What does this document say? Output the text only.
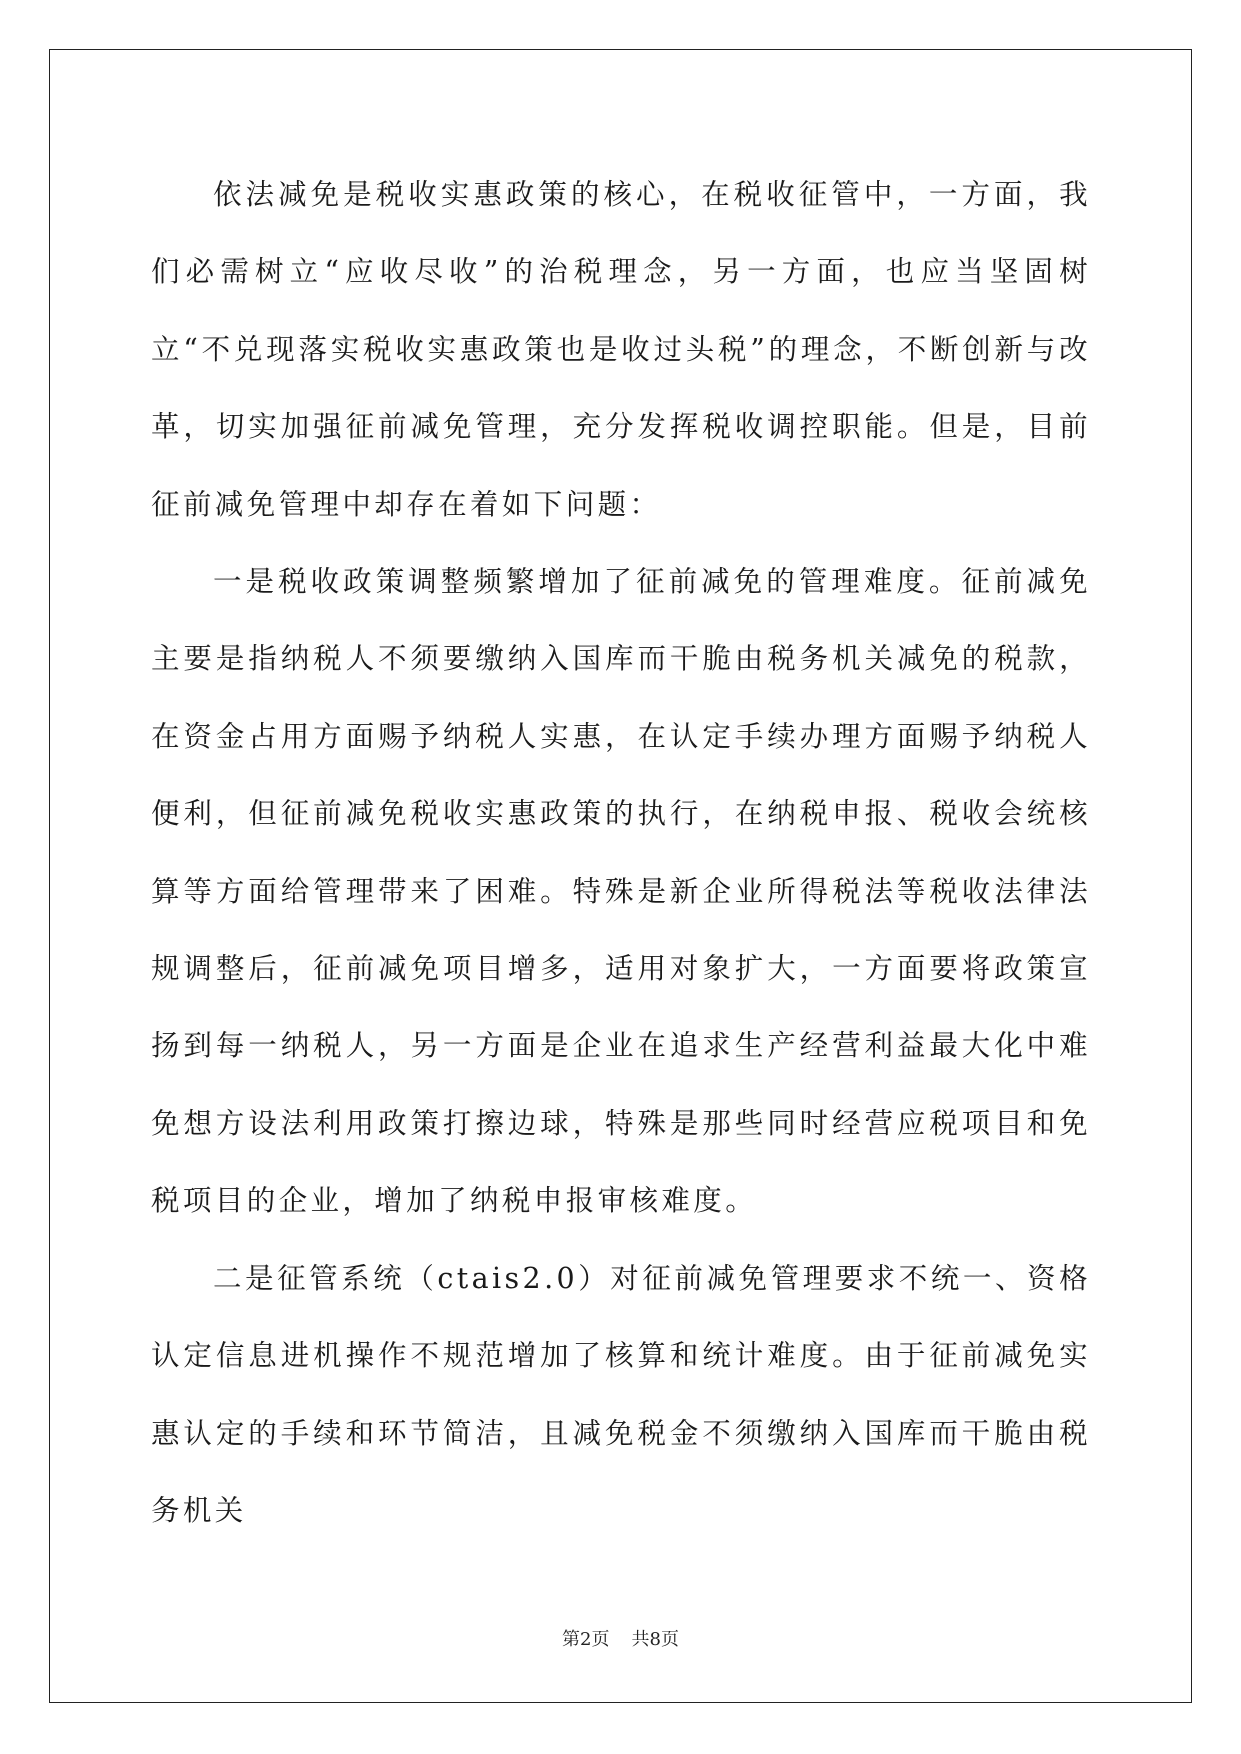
依法减免是税收实惠政策的核心，在税收征管中，一方面，我们必需树立“应收尽收”的治税理念，另一方面，也应当坚固树立“不兑现落实税收实惠政策也是收过头税”的理念，不断创新与改革，切实加强征前减免管理，充分发挥税收调控职能。但是，目前征前减免管理中却存在着如下问题：

一是税收政策调整频繁增加了征前减免的管理难度。征前减免主要是指纳税人不须要缴纳入国库而干脆由税务机关减免的税款，在资金占用方面赐予纳税人实惠，在认定手续办理方面赐予纳税人便利，但征前减免税收实惠政策的执行，在纳税申报、税收会统核算等方面给管理带来了困难。特殊是新企业所得税法等税收法律法规调整后，征前减免项目增多，适用对象扩大，一方面要将政策宣扬到每一纳税人，另一方面是企业在追求生产经营利益最大化中难免想方设法利用政策打擦边球，特殊是那些同时经营应税项目和免税项目的企业，增加了纳税申报审核难度。

二是征管系统（ctais2.0）对征前减免管理要求不统一、资格认定信息进机操作不规范增加了核算和统计难度。由于征前减免实惠认定的手续和环节简洁，且减免税金不须缴纳入国库而干脆由税务机关

第2页 共8页
